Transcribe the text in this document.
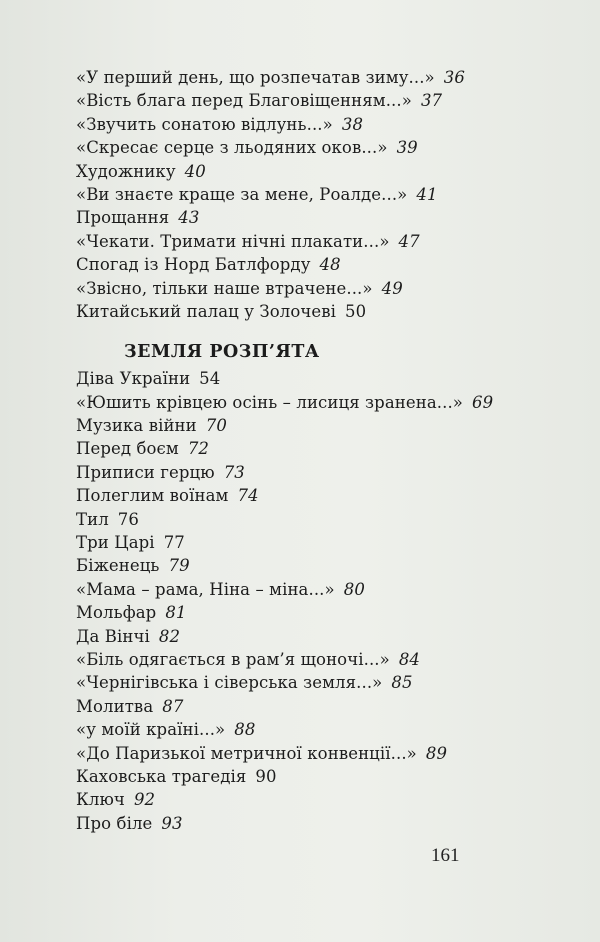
«У перший день, що розпечатав зиму...» 36
«Вість блага перед Благовіщенням...» 37
«Звучить сонатою відлунь...» 38
«Скресає серце з льодяних оков...» 39
Художнику 40
«Ви знаєте краще за мене, Роалде...» 41
Прощання 43
«Чекати. Тримати нічні плакати...» 47
Спогад із Норд Батлфорду 48
«Звісно, тільки наше втрачене...» 49
Китайський палац у Золочеві 50
ЗЕМЛЯ РОЗП’ЯТА
Діва України 54
«Юшить крівцею осінь – лисиця зранена...» 69
Музика війни 70
Перед боєм 72
Приписи герцю 73
Полеглим воїнам 74
Тил 76
Три Царі 77
Біженець 79
«Мама – рама, Ніна – міна...» 80
Мольфар 81
Да Вінчі 82
«Біль одягається в рам’я щоночі...» 84
«Чернігівська і сіверська земля...» 85
Молитва 87
«у моїй країні...» 88
«До Паризької метричної конвенції...» 89
Каховська трагедія 90
Ключ 92
Про біле 93
161
